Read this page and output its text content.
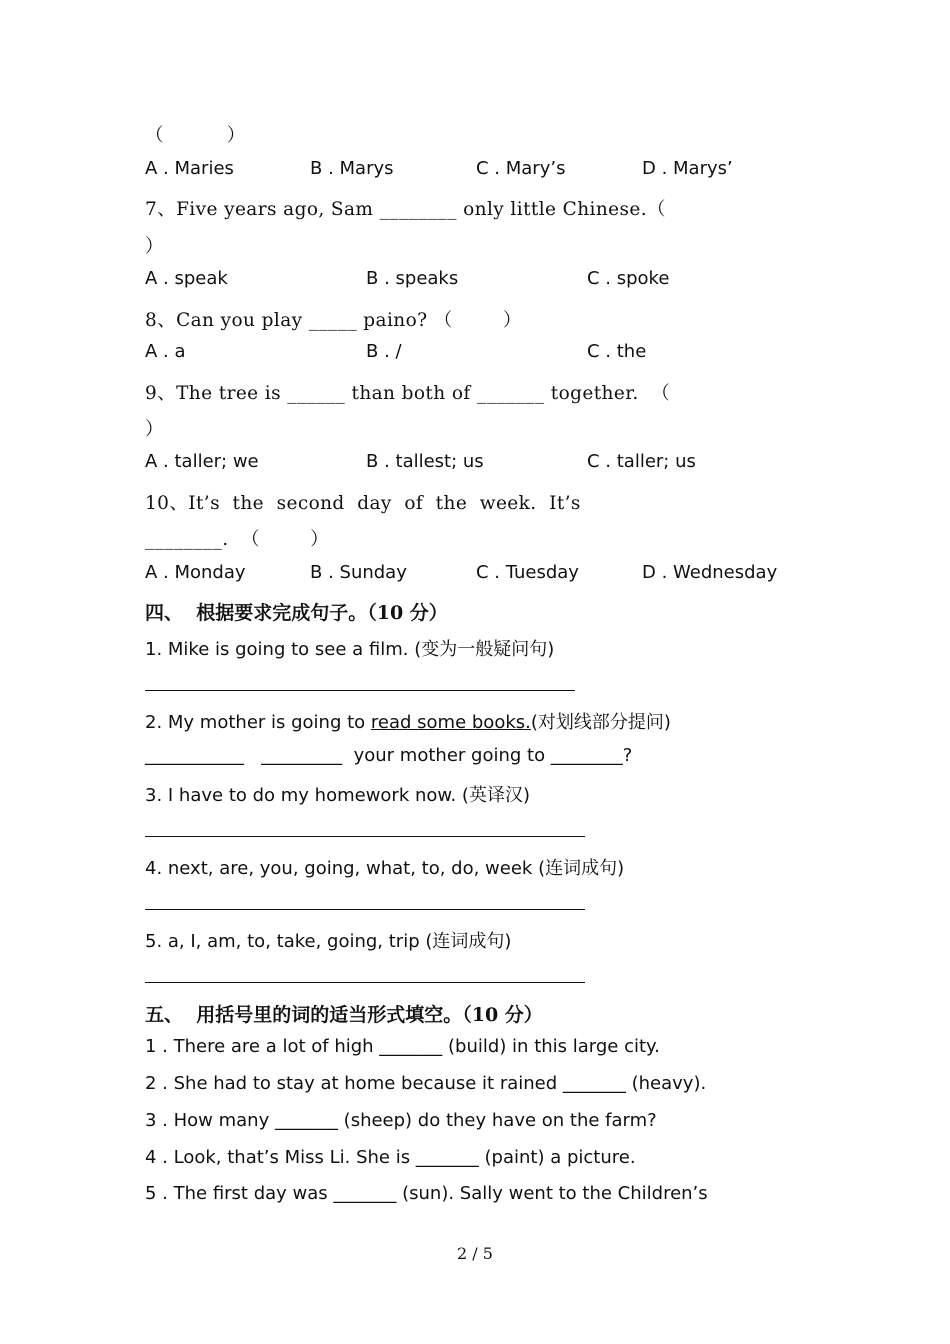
（          ）
A . Maries	B . Marys	C . Mary’s	D . Marys’
7、Five years ago, Sam ________ only little Chinese.（
）
A . speak	B . speaks	C . spoke
8、Can you play _____ paino? （        ）
A . a	B . /	C . the
9、The tree is ______ than both of _______ together.  （
）
A . taller; we	B . tallest; us	C . taller; us
10、It’s  the  second  day  of  the  week.  It’s
________.  （        ）
A . Monday	B . Sunday	C . Tuesday	D . Wednesday
四、  根据要求完成句子。（10 分）
1. Mike is going to see a film. (变为一般疑问句)
2. My mother is going to read some books.(对划线部分提问)
___________   _________  your mother going to ________?
3. I have to do my homework now. (英译汉)
4. next, are, you, going, what, to, do, week (连词成句)
5. a, I, am, to, take, going, trip (连词成句)
五、  用括号里的词的适当形式填空。（10 分）
1 . There are a lot of high _______ (build) in this large city.
2 . She had to stay at home because it rained _______ (heavy).
3 . How many _______ (sheep) do they have on the farm?
4 . Look, that’s Miss Li. She is _______ (paint) a picture.
5 . The first day was _______ (sun). Sally went to the Children’s
2 / 5
